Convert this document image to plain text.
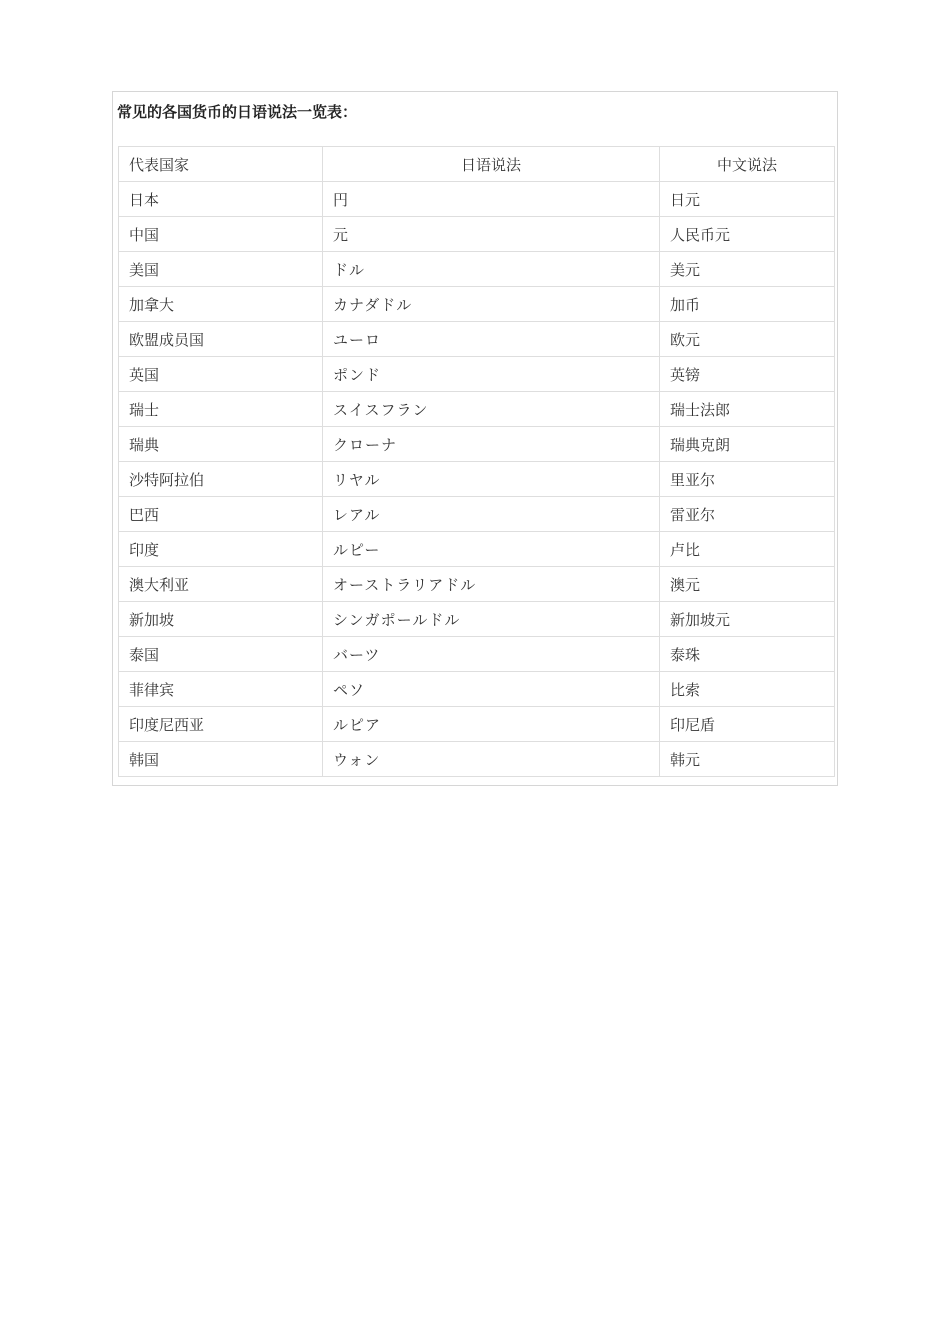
常见的各国货币的日语说法一览表：
代表国家	日语说法	中文说法
日本	円	日元
中国	元	人民币元
美国	ドル	美元
加拿大	カナダドル	加币
欧盟成员国	ユーロ	欧元
英国	ポンド	英镑
瑞士	スイスフラン	瑞士法郎
瑞典	クローナ	瑞典克朗
沙特阿拉伯	リヤル	里亚尔
巴西	レアル	雷亚尔
印度	ルピー	卢比
澳大利亚	オーストラリアドル	澳元
新加坡	シンガポールドル	新加坡元
泰国	バーツ	泰珠
菲律宾	ペソ	比索
印度尼西亚	ルピア	印尼盾
韩国	ウォン	韩元
